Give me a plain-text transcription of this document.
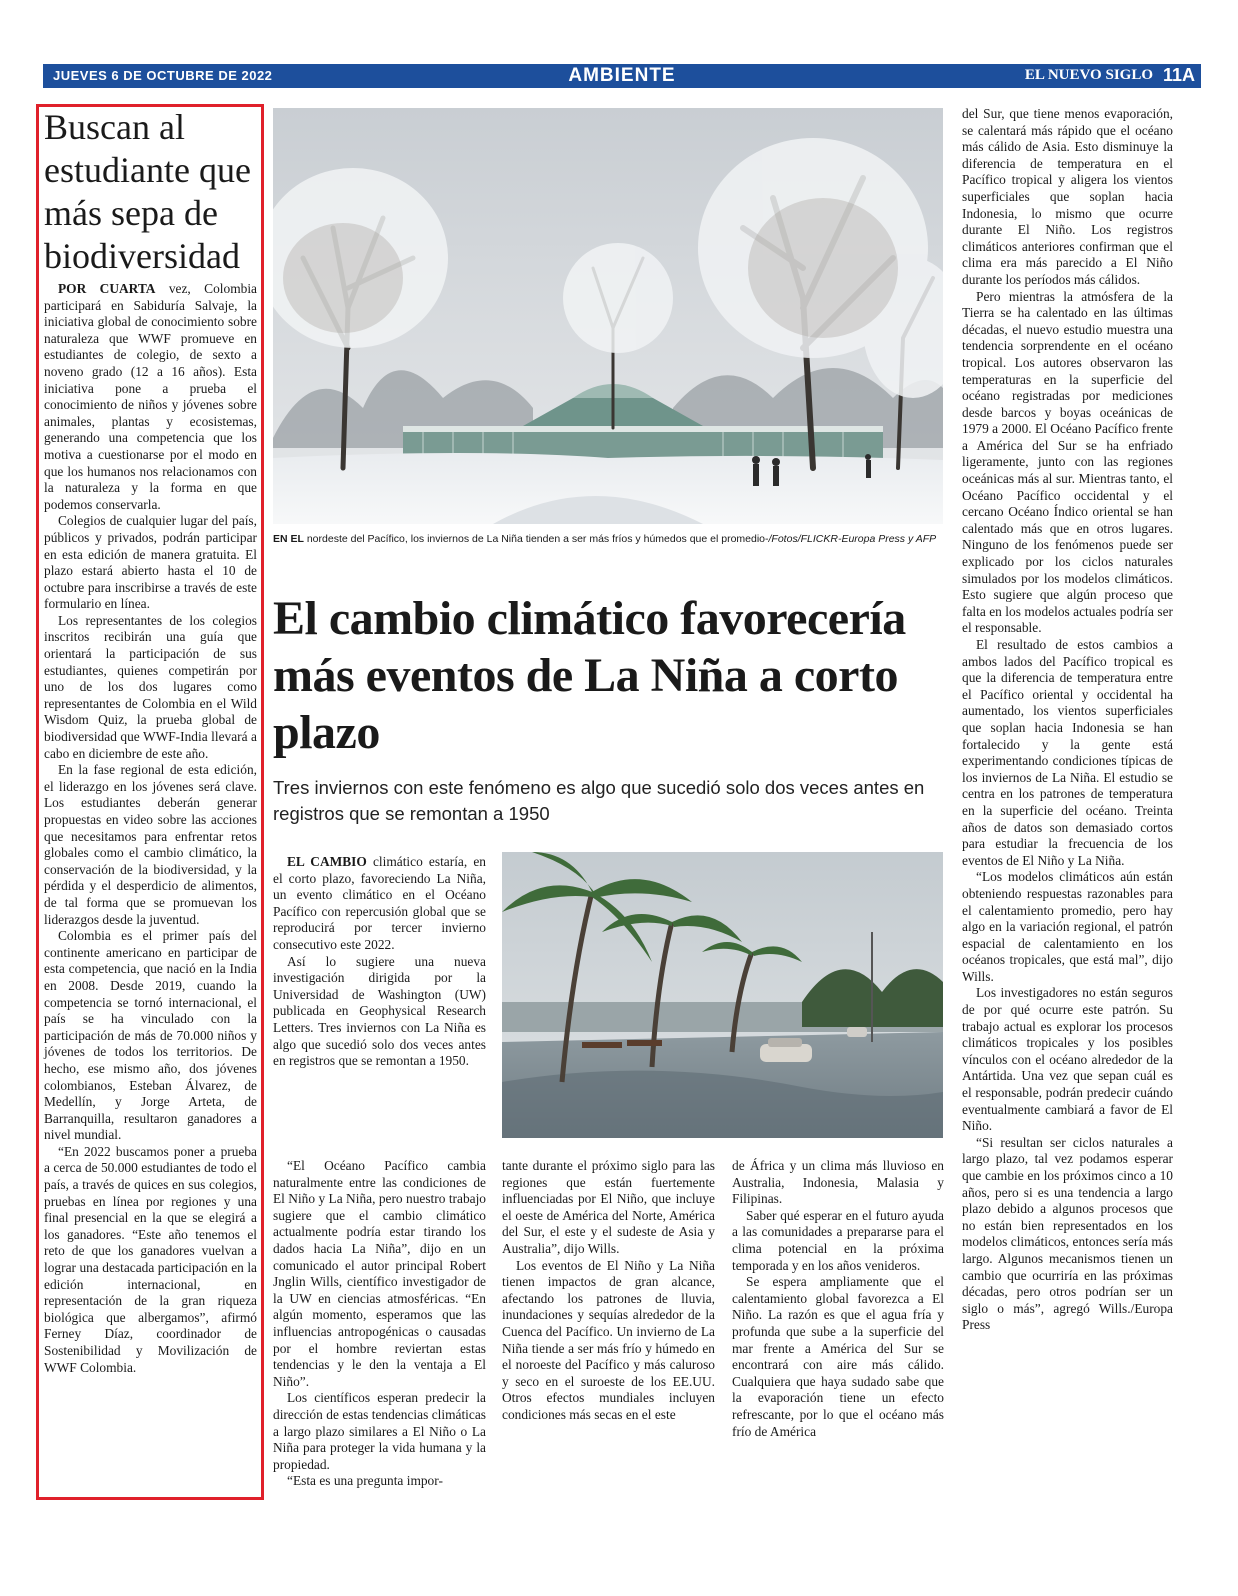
JUEVES 6 DE OCTUBRE DE 2022	AMBIENTE	EL NUEVO SIGLO 11A
Buscan al estudiante que más sepa de biodiversidad

POR CUARTA vez, Colombia participará en Sabiduría Salvaje, la iniciativa global de conocimiento sobre naturaleza que WWF promueve en estudiantes de colegio, de sexto a noveno grado (12 a 16 años). Esta iniciativa pone a prueba el conocimiento de niños y jóvenes sobre animales, plantas y ecosistemas, generando una competencia que los motiva a cuestionarse por el modo en que los humanos nos relacionamos con la naturaleza y la forma en que podemos conservarla.

Colegios de cualquier lugar del país, públicos y privados, podrán participar en esta edición de manera gratuita. El plazo estará abierto hasta el 10 de octubre para inscribirse a través de este formulario en línea.

Los representantes de los colegios inscritos recibirán una guía que orientará la participación de sus estudiantes, quienes competirán por uno de los dos lugares como representantes de Colombia en el Wild Wisdom Quiz, la prueba global de biodiversidad que WWF-India llevará a cabo en diciembre de este año.

En la fase regional de esta edición, el liderazgo en los jóvenes será clave. Los estudiantes deberán generar propuestas en video sobre las acciones que necesitamos para enfrentar retos globales como el cambio climático, la conservación de la biodiversidad, y la pérdida y el desperdicio de alimentos, de tal forma que se promuevan los liderazgos desde la juventud.

Colombia es el primer país del continente americano en participar de esta competencia, que nació en la India en 2008. Desde 2019, cuando la competencia se tornó internacional, el país se ha vinculado con la participación de más de 70.000 niños y jóvenes de todos los territorios. De hecho, ese mismo año, dos jóvenes colombianos, Esteban Álvarez, de Medellín, y Jorge Arteta, de Barranquilla, resultaron ganadores a nivel mundial.

“En 2022 buscamos poner a prueba a cerca de 50.000 estudiantes de todo el país, a través de quices en sus colegios, pruebas en línea por regiones y una final presencial en la que se elegirá a los ganadores. “Este año tenemos el reto de que los ganadores vuelvan a lograr una destacada participación en la edición internacional, en representación de la gran riqueza biológica que albergamos”, afirmó Ferney Díaz, coordinador de Sostenibilidad y Movilización de WWF Colombia.

EN EL nordeste del Pacífico, los inviernos de La Niña tienden a ser más fríos y húmedos que el promedio-/Fotos/FLICKR-Europa Press y AFP
El cambio climático favorecería más eventos de La Niña a corto plazo
Tres inviernos con este fenómeno es algo que sucedió solo dos veces antes en registros que se remontan a 1950

EL CAMBIO climático estaría, en el corto plazo, favoreciendo La Niña, un evento climático en el Océano Pacífico con repercusión global que se reproducirá por tercer invierno consecutivo este 2022.

Así lo sugiere una nueva investigación dirigida por la Universidad de Washington (UW) publicada en Geophysical Research Letters. Tres inviernos con La Niña es algo que sucedió solo dos veces antes en registros que se remontan a 1950.

“El Océano Pacífico cambia naturalmente entre las condiciones de El Niño y La Niña, pero nuestro trabajo sugiere que el cambio climático actualmente podría estar tirando los dados hacia La Niña”, dijo en un comunicado el autor principal Robert Jnglin Wills, científico investigador de la UW en ciencias atmosféricas. “En algún momento, esperamos que las influencias antropogénicas o causadas por el hombre reviertan estas tendencias y le den la ventaja a El Niño”.

Los científicos esperan predecir la dirección de estas tendencias climáticas a largo plazo similares a El Niño o La Niña para proteger la vida humana y la propiedad.

“Esta es una pregunta impor-

tante durante el próximo siglo para las regiones que están fuertemente influenciadas por El Niño, que incluye el oeste de América del Norte, América del Sur, el este y el sudeste de Asia y Australia”, dijo Wills.

Los eventos de El Niño y La Niña tienen impactos de gran alcance, afectando los patrones de lluvia, inundaciones y sequías alrededor de la Cuenca del Pacífico. Un invierno de La Niña tiende a ser más frío y húmedo en el noroeste del Pacífico y más caluroso y seco en el suroeste de los EE.UU. Otros efectos mundiales incluyen condiciones más secas en el este

de África y un clima más lluvioso en Australia, Indonesia, Malasia y Filipinas.

Saber qué esperar en el futuro ayuda a las comunidades a prepararse para el clima potencial en la próxima temporada y en los años venideros.

Se espera ampliamente que el calentamiento global favorezca a El Niño. La razón es que el agua fría y profunda que sube a la superficie del mar frente a América del Sur se encontrará con aire más cálido. Cualquiera que haya sudado sabe que la evaporación tiene un efecto refrescante, por lo que el océano más frío de América

del Sur, que tiene menos evaporación, se calentará más rápido que el océano más cálido de Asia. Esto disminuye la diferencia de temperatura en el Pacífico tropical y aligera los vientos superficiales que soplan hacia Indonesia, lo mismo que ocurre durante El Niño. Los registros climáticos anteriores confirman que el clima era más parecido a El Niño durante los períodos más cálidos.

Pero mientras la atmósfera de la Tierra se ha calentado en las últimas décadas, el nuevo estudio muestra una tendencia sorprendente en el océano tropical. Los autores observaron las temperaturas en la superficie del océano registradas por mediciones desde barcos y boyas oceánicas de 1979 a 2000. El Océano Pacífico frente a América del Sur se ha enfriado ligeramente, junto con las regiones oceánicas más al sur. Mientras tanto, el Océano Pacífico occidental y el cercano Océano Índico oriental se han calentado más que en otros lugares. Ninguno de los fenómenos puede ser explicado por los ciclos naturales simulados por los modelos climáticos. Esto sugiere que algún proceso que falta en los modelos actuales podría ser el responsable.

El resultado de estos cambios a ambos lados del Pacífico tropical es que la diferencia de temperatura entre el Pacífico oriental y occidental ha aumentado, los vientos superficiales que soplan hacia Indonesia se han fortalecido y la gente está experimentando condiciones típicas de los inviernos de La Niña. El estudio se centra en los patrones de temperatura en la superficie del océano. Treinta años de datos son demasiado cortos para estudiar la frecuencia de los eventos de El Niño y La Niña.

“Los modelos climáticos aún están obteniendo respuestas razonables para el calentamiento promedio, pero hay algo en la variación regional, el patrón espacial de calentamiento en los océanos tropicales, que está mal”, dijo Wills.

Los investigadores no están seguros de por qué ocurre este patrón. Su trabajo actual es explorar los procesos climáticos tropicales y los posibles vínculos con el océano alrededor de la Antártida. Una vez que sepan cuál es el responsable, podrán predecir cuándo eventualmente cambiará a favor de El Niño.

“Si resultan ser ciclos naturales a largo plazo, tal vez podamos esperar que cambie en los próximos cinco a 10 años, pero si es una tendencia a largo plazo debido a algunos procesos que no están bien representados en los modelos climáticos, entonces sería más largo. Algunos mecanismos tienen un cambio que ocurriría en las próximas décadas, pero otros podrían ser un siglo o más”, agregó Wills./Europa Press
